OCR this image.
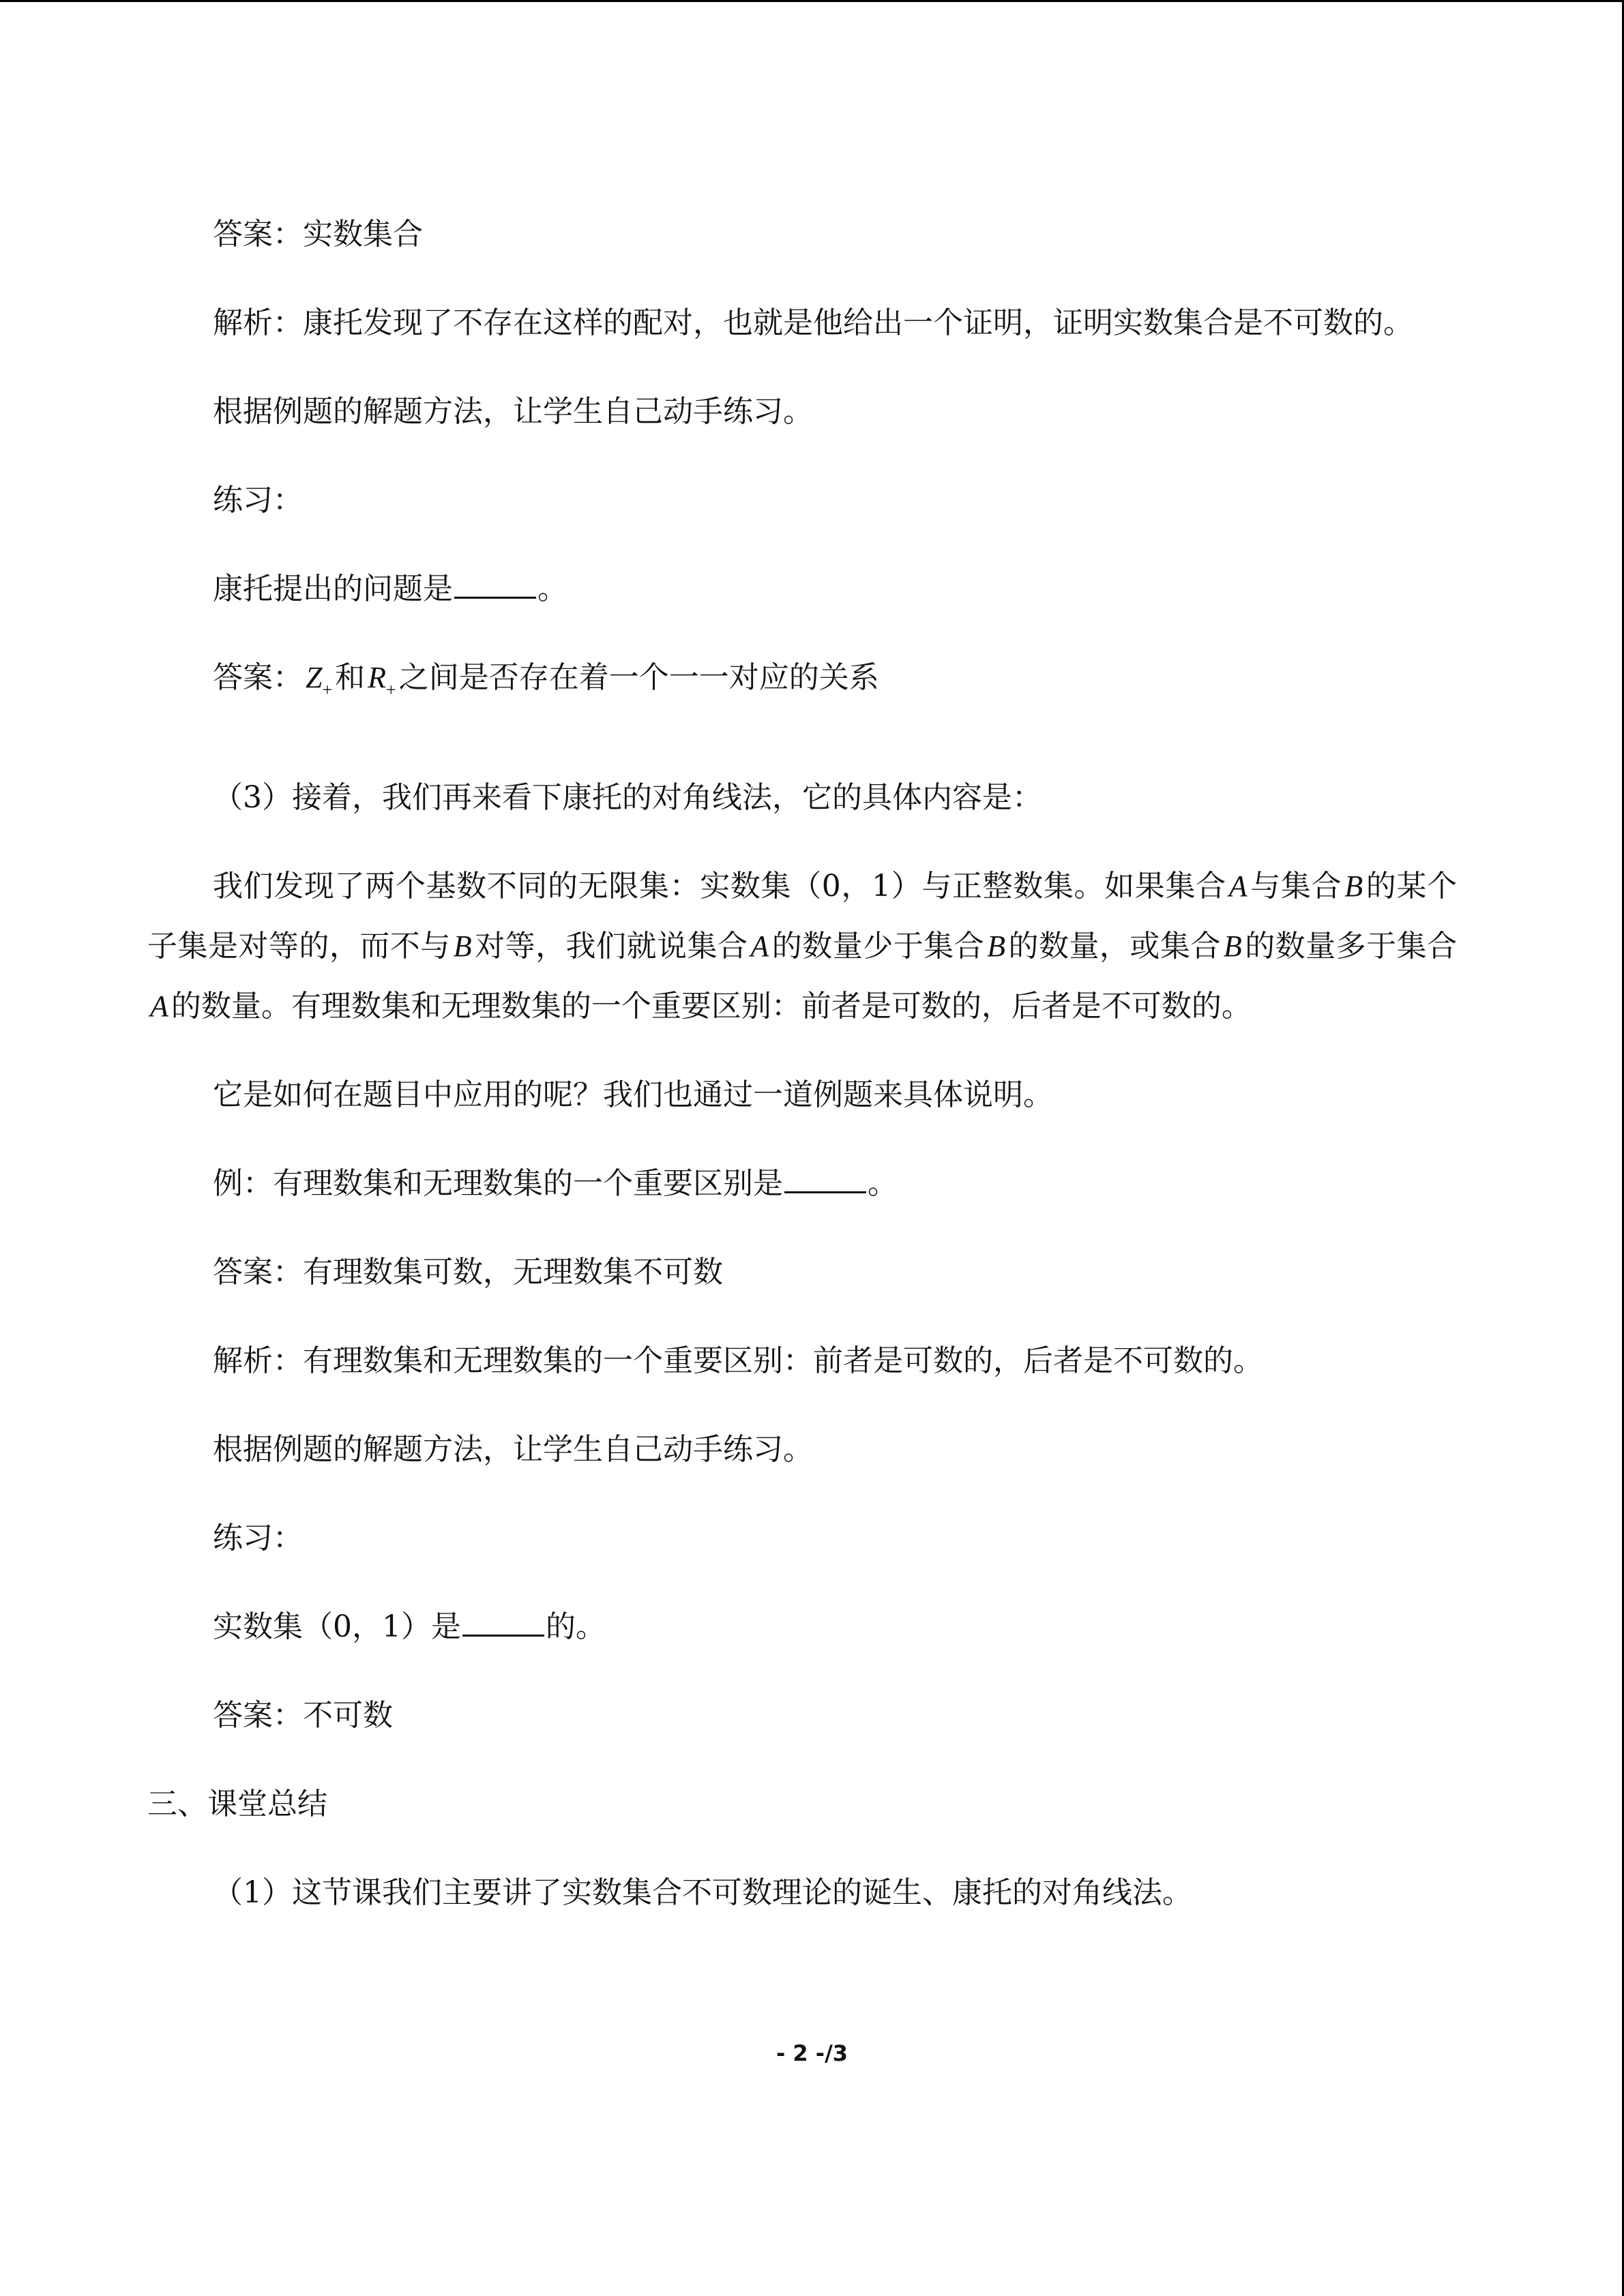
答案：实数集合

解析：康托发现了不存在这样的配对，也就是他给出一个证明，证明实数集合是不可数的。

根据例题的解题方法，让学生自己动手练习。

练习：

康托提出的问题是	。

答案：$Z_+$和$R_+$之间是否存在着一个一一对应的关系

（3）接着，我们再来看下康托的对角线法，它的具体内容是：

我们发现了两个基数不同的无限集：实数集（0，1）与正整数集。如果集合A与集合B的某个子集是对等的，而不与B对等，我们就说集合A的数量少于集合B的数量，或集合B的数量多于集合A的数量。有理数集和无理数集的一个重要区别：前者是可数的，后者是不可数的。

它是如何在题目中应用的呢？我们也通过一道例题来具体说明。

例：有理数集和无理数集的一个重要区别是	。

答案：有理数集可数，无理数集不可数

解析：有理数集和无理数集的一个重要区别：前者是可数的，后者是不可数的。

根据例题的解题方法，让学生自己动手练习。

练习：

实数集（0，1）是	的。

答案：不可数

三、课堂总结

（1）这节课我们主要讲了实数集合不可数理论的诞生、康托的对角线法。

- 2 -/3
